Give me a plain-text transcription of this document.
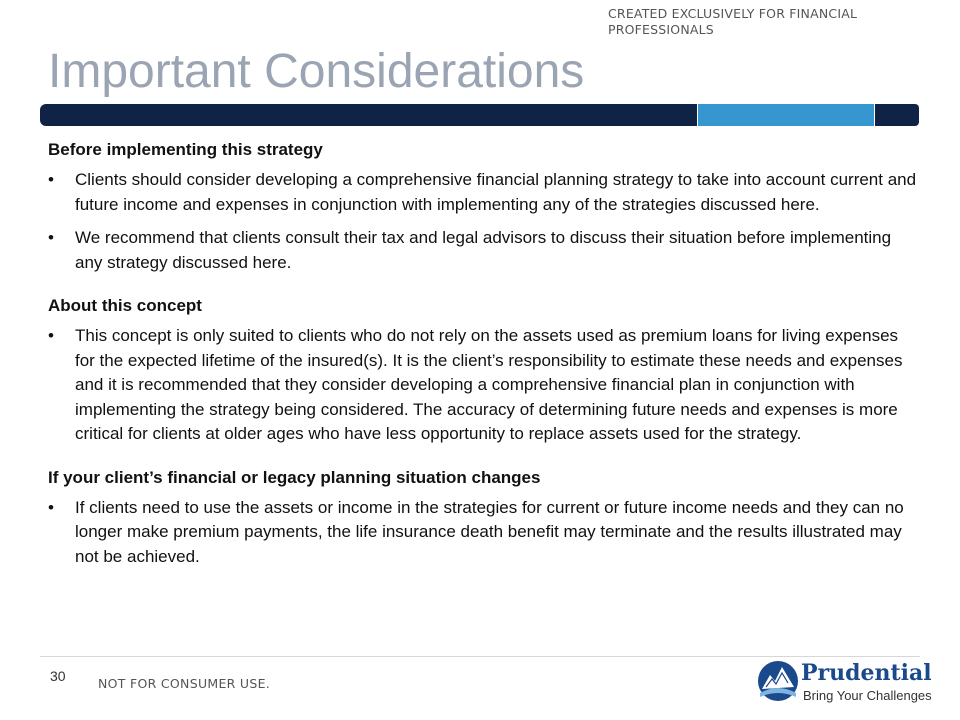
CREATED EXCLUSIVELY FOR FINANCIAL PROFESSIONALS
Important Considerations

Before implementing this strategy

• Clients should consider developing a comprehensive financial planning strategy to take into account current and future income and expenses in conjunction with implementing any of the strategies discussed here.
• We recommend that clients consult their tax and legal advisors to discuss their situation before implementing any strategy discussed here.

About this concept

• This concept is only suited to clients who do not rely on the assets used as premium loans for living expenses for the expected lifetime of the insured(s). It is the client’s responsibility to estimate these needs and expenses and it is recommended that they consider developing a comprehensive financial plan in conjunction with implementing the strategy being considered. The accuracy of determining future needs and expenses is more critical for clients at older ages who have less opportunity to replace assets used for the strategy.

If your client’s financial or legacy planning situation changes

• If clients need to use the assets or income in the strategies for current or future income needs and they can no longer make premium payments, the life insurance death benefit may terminate and the results illustrated may not be achieved.
30	NOT FOR CONSUMER USE.	Prudential
Bring Your Challenges
